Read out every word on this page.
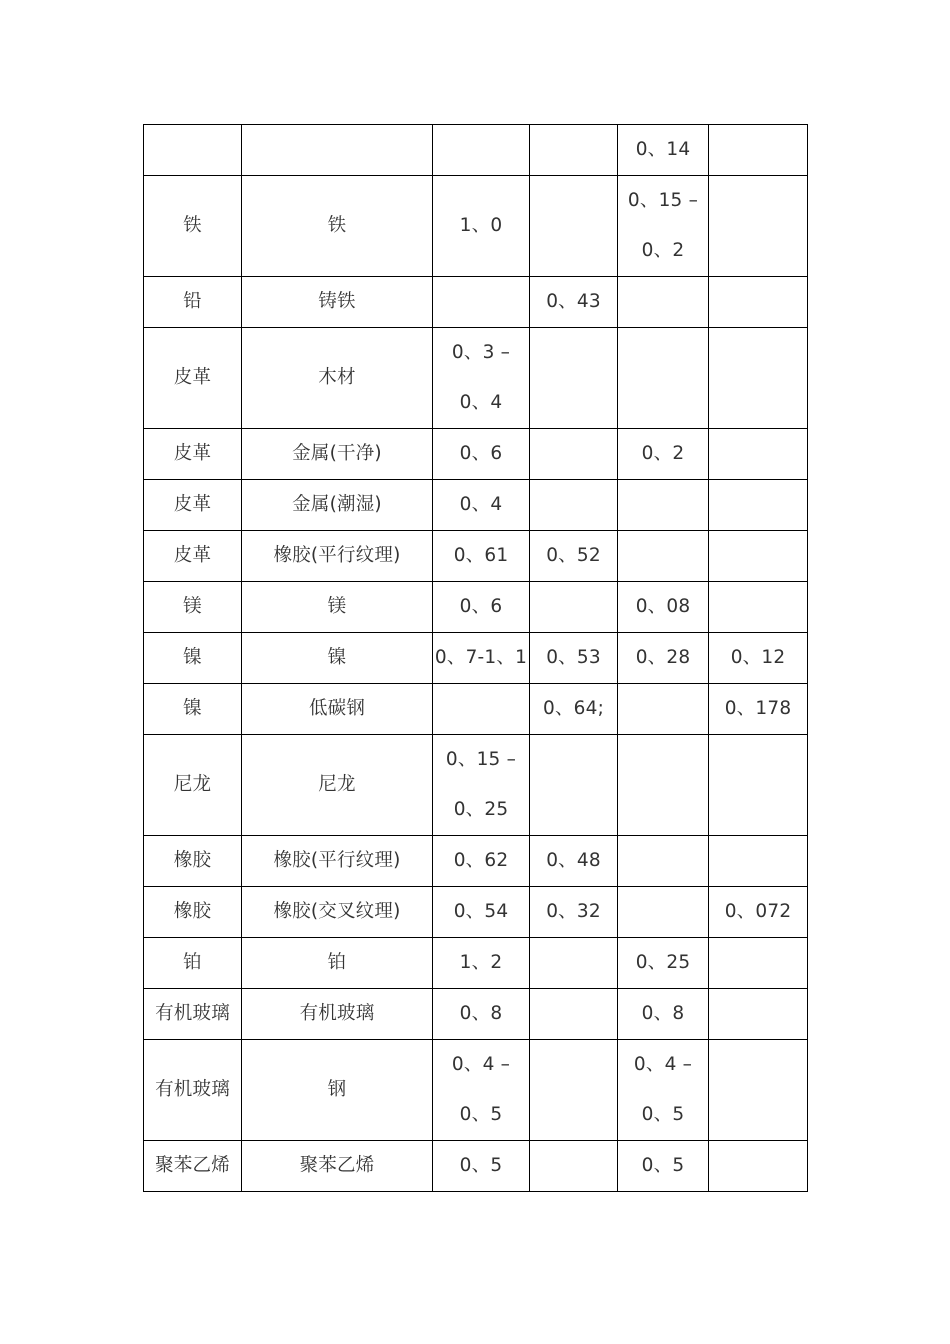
				0、14	

铁	铁	1、0		0、15 –
0、2	

铅	铸铁		0、43		

皮革	木材	0、3 –
0、4			

皮革	金属(干净)	0、6		0、2	

皮革	金属(潮湿)	0、4			

皮革	橡胶(平行纹理)	0、61	0、52		

镁	镁	0、6		0、08	

镍	镍	0、7-1、1	0、53	0、28	0、12

镍	低碳钢		0、64;		0、178

尼龙	尼龙	0、15 –
0、25			

橡胶	橡胶(平行纹理)	0、62	0、48		

橡胶	橡胶(交叉纹理)	0、54	0、32		0、072

铂	铂	1、2		0、25	

有机玻璃	有机玻璃	0、8		0、8	

有机玻璃	钢	0、4 –
0、5		0、4 –
0、5	

聚苯乙烯	聚苯乙烯	0、5		0、5	
